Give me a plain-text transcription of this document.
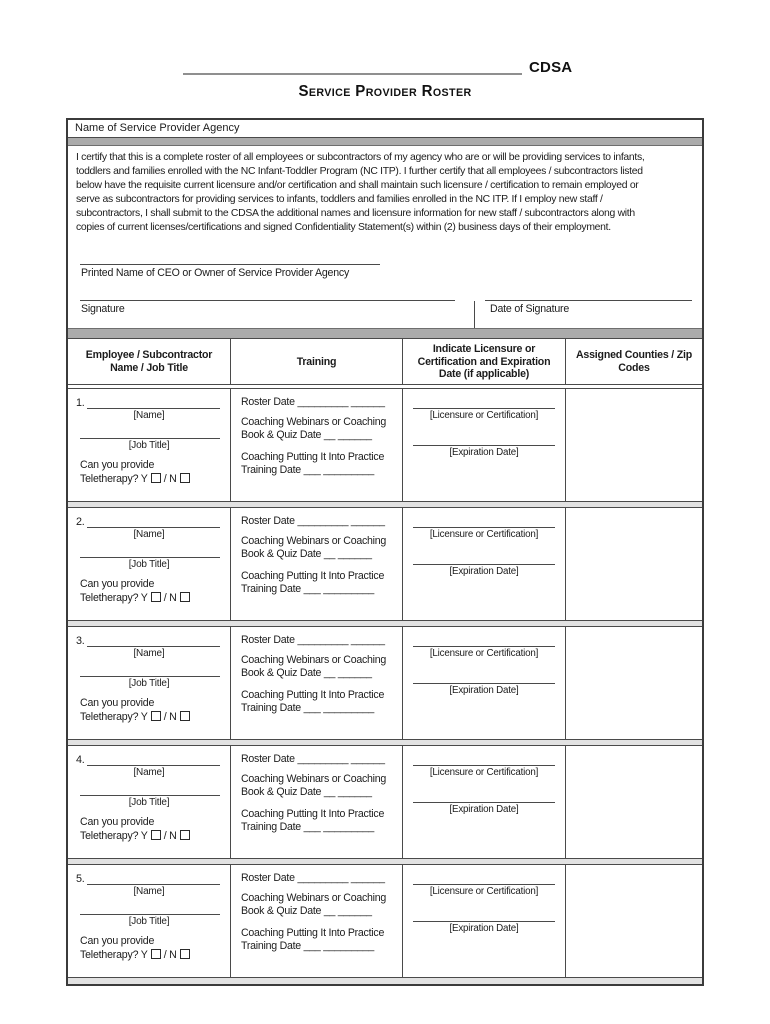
CDSA
Service Provider Roster
Name of Service Provider Agency
I certify that this is a complete roster of all employees or subcontractors of my agency who are or will be providing services to infants,
toddlers and families enrolled with the NC Infant-Toddler Program (NC ITP). I further certify that all employees / subcontractors listed
below have the requisite current licensure and/or certification and shall maintain such licensure / certification to remain employed or
serve as subcontractors for providing services to infants, toddlers and families enrolled in the NC ITP. If I employ new staff /
subcontractors, I shall submit to the CDSA the additional names and licensure information for new staff / subcontractors along with
copies of current licenses/certifications and signed Confidentiality Statement(s) within (2) business days of their employment.
Printed Name of CEO or Owner of Service Provider Agency
Signature	Date of Signature
Employee / Subcontractor Name / Job Title
Training
Indicate Licensure or Certification and Expiration Date (if applicable)
Assigned Counties / Zip Codes
1.
[Name]
[Job Title]
Can you provide
Teletherapy? Y / N
Roster Date _________ ______
Coaching Webinars or Coaching
Book & Quiz Date __ ______
Coaching Putting It Into Practice
Training Date ___ _________
[Licensure or Certification]
[Expiration Date]
2.
[Name]
[Job Title]
Can you provide
Teletherapy? Y / N
Roster Date _________ ______
Coaching Webinars or Coaching
Book & Quiz Date __ ______
Coaching Putting It Into Practice
Training Date ___ _________
[Licensure or Certification]
[Expiration Date]
3.
[Name]
[Job Title]
Can you provide
Teletherapy? Y / N
Roster Date _________ ______
Coaching Webinars or Coaching
Book & Quiz Date __ ______
Coaching Putting It Into Practice
Training Date ___ _________
[Licensure or Certification]
[Expiration Date]
4.
[Name]
[Job Title]
Can you provide
Teletherapy? Y / N
Roster Date _________ ______
Coaching Webinars or Coaching
Book & Quiz Date __ ______
Coaching Putting It Into Practice
Training Date ___ _________
[Licensure or Certification]
[Expiration Date]
5.
[Name]
[Job Title]
Can you provide
Teletherapy? Y / N
Roster Date _________ ______
Coaching Webinars or Coaching
Book & Quiz Date __ ______
Coaching Putting It Into Practice
Training Date ___ _________
[Licensure or Certification]
[Expiration Date]
